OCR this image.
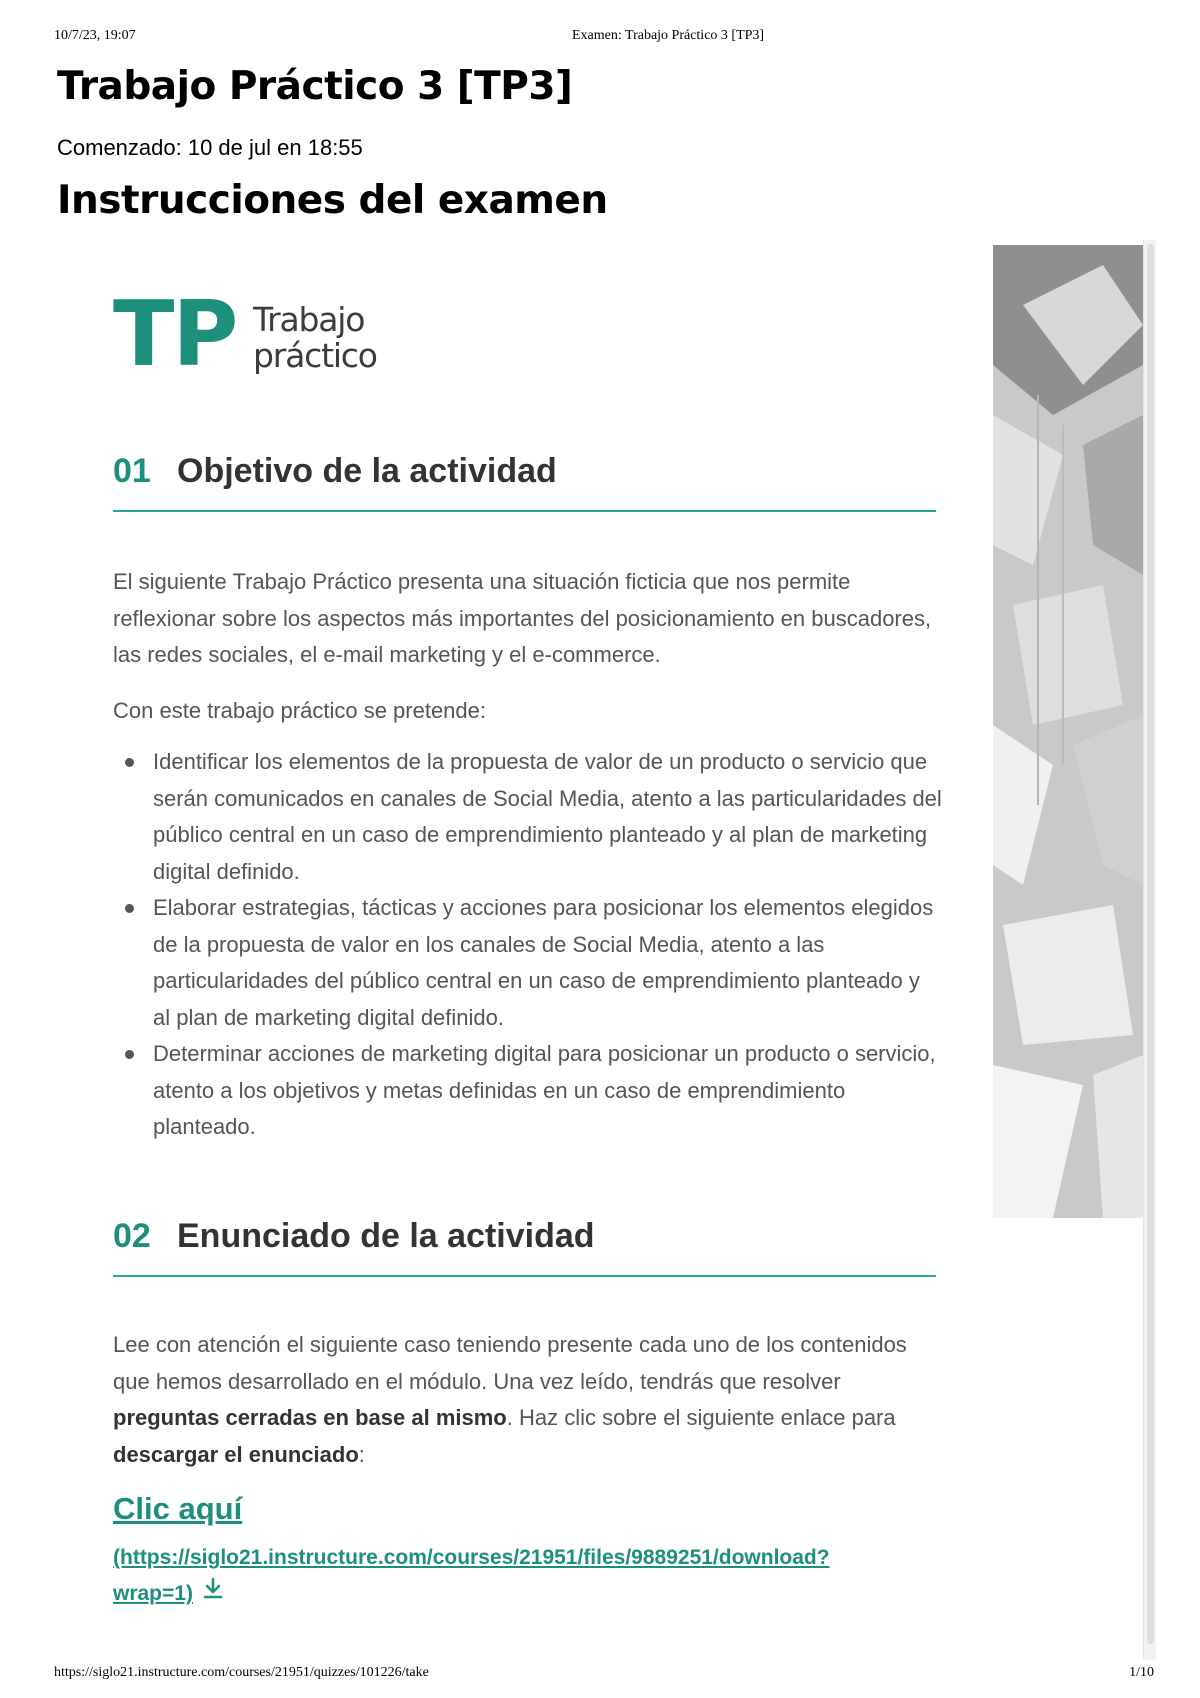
10/7/23, 19:07	Examen: Trabajo Práctico 3 [TP3]
Trabajo Práctico 3 [TP3]
Comenzado: 10 de jul en 18:55
Instrucciones del examen
TP Trabajo
práctico
01 Objetivo de la actividad

El siguiente Trabajo Práctico presenta una situación ficticia que nos permite reflexionar sobre los aspectos más importantes del posicionamiento en buscadores, las redes sociales, el e-mail marketing y el e-commerce.

Con este trabajo práctico se pretende:

Identificar los elementos de la propuesta de valor de un producto o servicio que serán comunicados en canales de Social Media, atento a las particularidades del público central en un caso de emprendimiento planteado y al plan de marketing digital definido.
Elaborar estrategias, tácticas y acciones para posicionar los elementos elegidos de la propuesta de valor en los canales de Social Media, atento a las particularidades del público central en un caso de emprendimiento planteado y al plan de marketing digital definido.
Determinar acciones de marketing digital para posicionar un producto o servicio, atento a los objetivos y metas definidas en un caso de emprendimiento planteado.
02 Enunciado de la actividad

Lee con atención el siguiente caso teniendo presente cada uno de los contenidos que hemos desarrollado en el módulo. Una vez leído, tendrás que resolver preguntas cerradas en base al mismo. Haz clic sobre el siguiente enlace para descargar el enunciado:

Clic aquí
(https://siglo21.instructure.com/courses/21951/files/9889251/download?wrap=1)
https://siglo21.instructure.com/courses/21951/quizzes/101226/take	1/10
